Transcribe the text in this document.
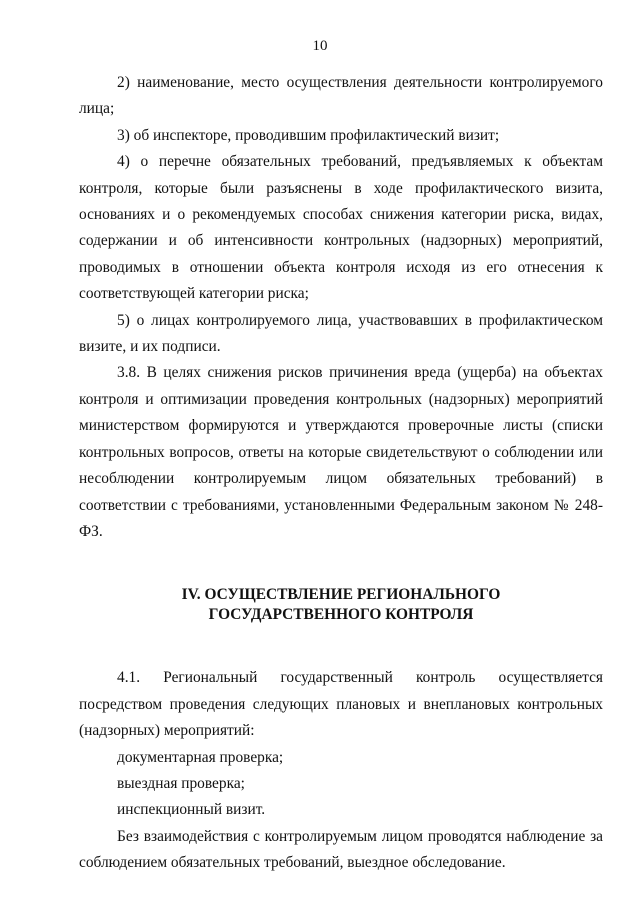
10

2) наименование, место осуществления деятельности контролируемого лица;

3) об инспекторе, проводившим профилактический визит;

4) о перечне обязательных требований, предъявляемых к объектам контроля, которые были разъяснены в ходе профилактического визита, основаниях и о рекомендуемых способах снижения категории риска, видах, содержании и об интенсивности контрольных (надзорных) мероприятий, проводимых в отношении объекта контроля исходя из его отнесения к соответствующей категории риска;

5) о лицах контролируемого лица, участвовавших в профилактическом визите, и их подписи.

3.8. В целях снижения рисков причинения вреда (ущерба) на объектах контроля и оптимизации проведения контрольных (надзорных) мероприятий министерством формируются и утверждаются проверочные листы (списки контрольных вопросов, ответы на которые свидетельствуют о соблюдении или несоблюдении контролируемым лицом обязательных требований) в соответствии с требованиями, установленными Федеральным законом № 248-ФЗ.

IV. ОСУЩЕСТВЛЕНИЕ РЕГИОНАЛЬНОГО
ГОСУДАРСТВЕННОГО КОНТРОЛЯ

4.1. Региональный государственный контроль осуществляется посредством проведения следующих плановых и внеплановых контрольных (надзорных) мероприятий:

документарная проверка;

выездная проверка;

инспекционный визит.

Без взаимодействия с контролируемым лицом проводятся наблюдение за соблюдением обязательных требований, выездное обследование.
